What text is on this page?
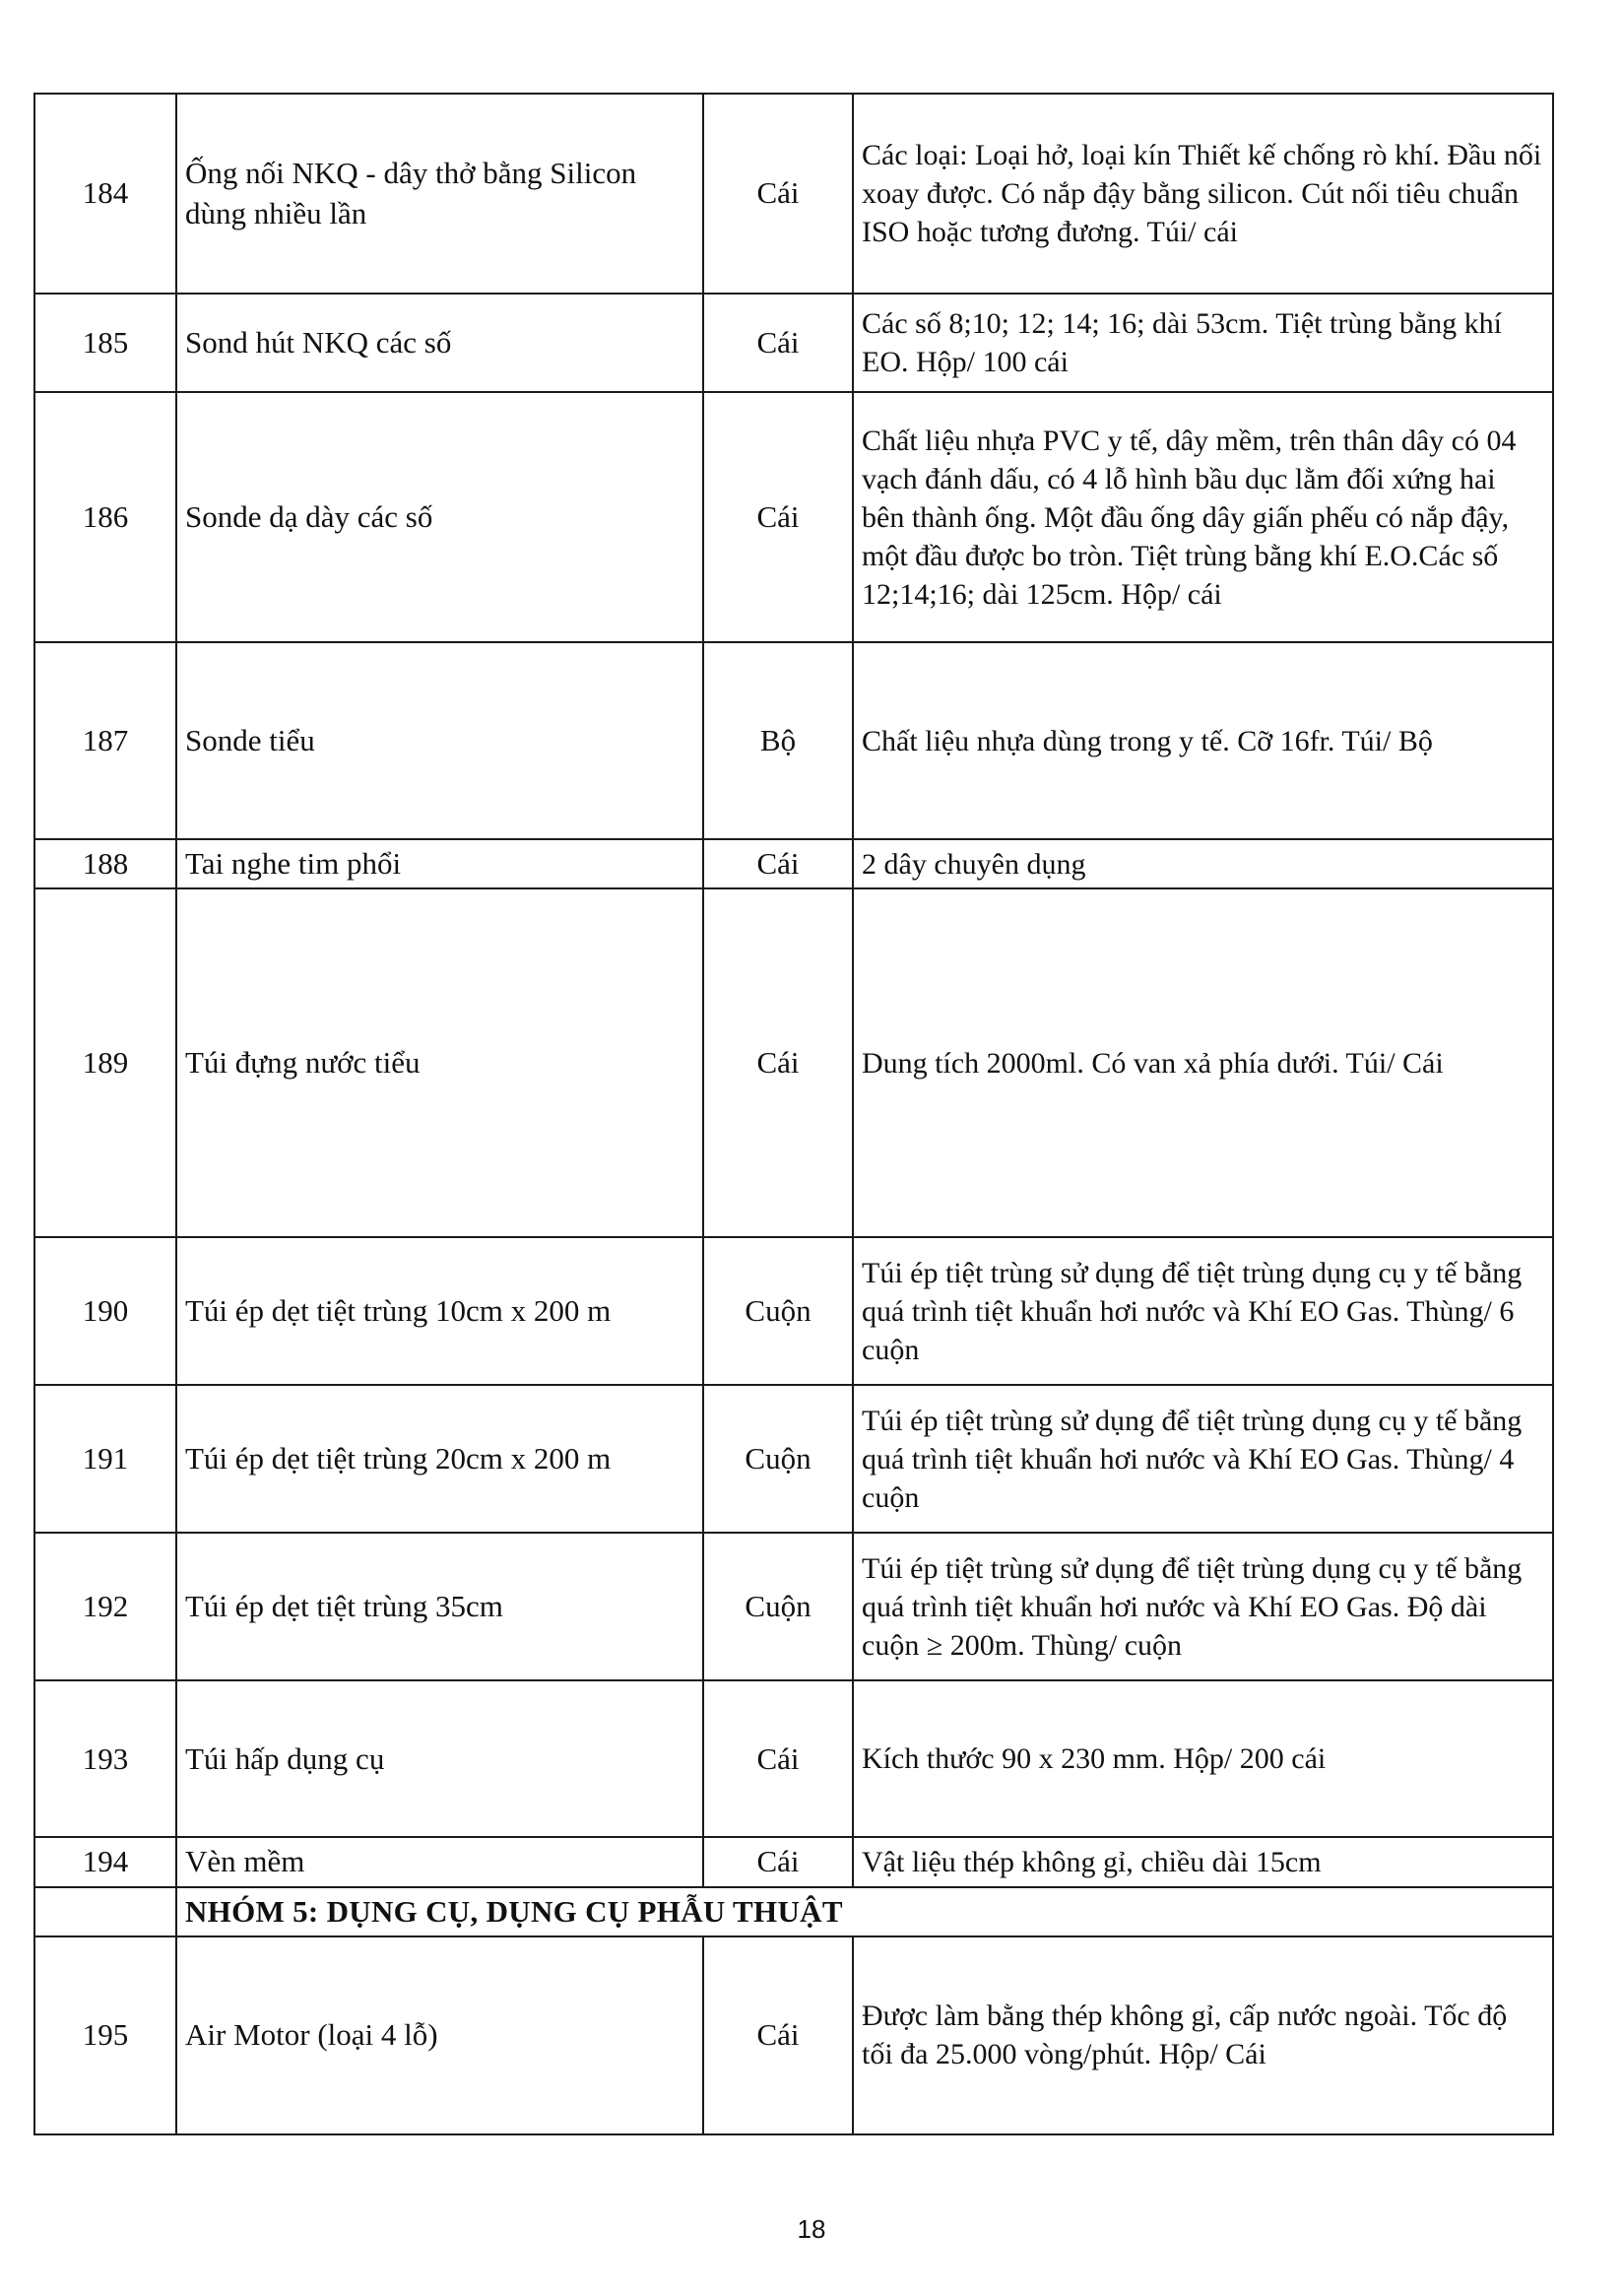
184	Ống nối NKQ - dây thở bằng Silicon dùng nhiều lần	Cái	Các loại: Loại hở, loại kín Thiết kế chống rò khí. Đầu nối xoay được. Có nắp đậy bằng silicon. Cút nối tiêu chuẩn ISO hoặc tương đương. Túi/ cái
185	Sond hút NKQ các số	Cái	Các số 8;10; 12; 14; 16; dài 53cm. Tiệt trùng bằng khí EO. Hộp/ 100 cái
186	Sonde dạ dày các số	Cái	Chất liệu nhựa PVC y tế, dây mềm, trên thân dây có 04 vạch đánh dấu, có 4 lỗ hình bầu dục lằm đối xứng hai bên thành ống. Một đầu ống dây giấn phếu có nắp đậy, một đầu được bo tròn. Tiệt trùng bằng khí E.O.Các số 12;14;16; dài 125cm. Hộp/ cái
187	Sonde tiểu	Bộ	Chất liệu nhựa dùng trong y tế. Cỡ 16fr. Túi/ Bộ
188	Tai nghe tim phổi	Cái	2 dây chuyên dụng
189	Túi đựng nước tiểu	Cái	Dung tích 2000ml. Có van xả phía dưới. Túi/ Cái
190	Túi ép dẹt tiệt trùng 10cm x 200 m	Cuộn	Túi ép tiệt trùng sử dụng để tiệt trùng dụng cụ y tế bằng quá trình tiệt khuẩn hơi nước và Khí EO Gas. Thùng/ 6 cuộn
191	Túi ép dẹt tiệt trùng 20cm x 200 m	Cuộn	Túi ép tiệt trùng sử dụng để tiệt trùng dụng cụ y tế bằng quá trình tiệt khuẩn hơi nước và Khí EO Gas. Thùng/ 4 cuộn
192	Túi ép dẹt tiệt trùng 35cm	Cuộn	Túi ép tiệt trùng sử dụng để tiệt trùng dụng cụ y tế bằng quá trình tiệt khuẩn hơi nước và Khí EO Gas. Độ dài cuộn ≥ 200m. Thùng/ cuộn
193	Túi hấp dụng cụ	Cái	Kích thước 90 x 230 mm. Hộp/ 200 cái
194	Vèn mềm	Cái	Vật liệu thép không gỉ, chiều dài 15cm
	NHÓM 5: DỤNG CỤ, DỤNG CỤ PHẪU THUẬT		
195	Air Motor (loại 4 lỗ)	Cái	Được làm bằng thép không gỉ, cấp nước ngoài. Tốc độ tối đa 25.000 vòng/phút. Hộp/ Cái
18
